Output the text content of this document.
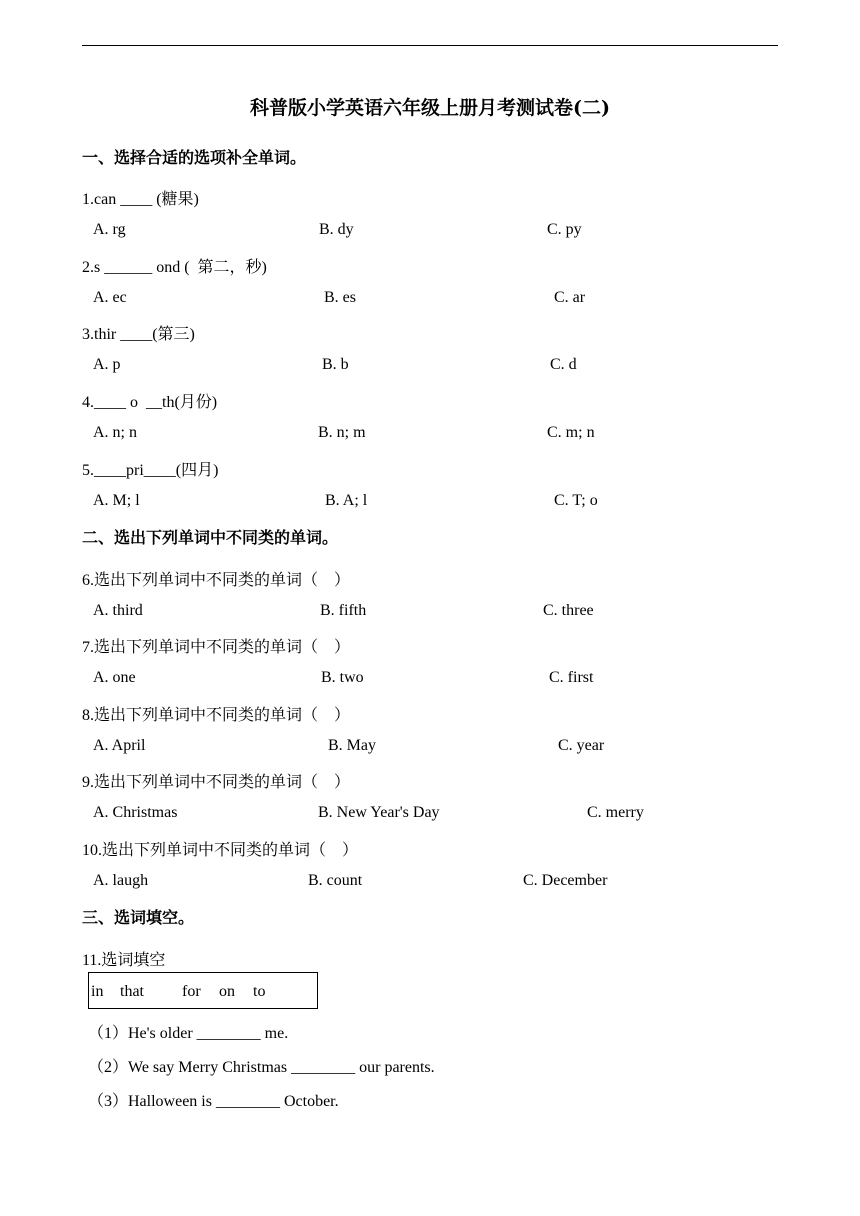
科普版小学英语六年级上册月考测试卷(二)
一、选择合适的选项补全单词。
1.can ____ (糖果)
A. rg	B. dy	C. py
2.s ______ ond (  第二，秒)
A. ec	B. es	C. ar
3.thir ____(第三)
A. p	B. b	C. d
4.____ o  __th(月份)
A. n; n	B. n; m	C. m; n
5.____pri____(四月)
A. M; l	B. A; l	C. T; o
二、选出下列单词中不同类的单词。
6.选出下列单词中不同类的单词（    ）
A. third	B. fifth	C. three
7.选出下列单词中不同类的单词（    ）
A. one	B. two	C. first
8.选出下列单词中不同类的单词（    ）
A. April	B. May	C. year
9.选出下列单词中不同类的单词（    ）
A. Christmas	B. New Year's Day	C. merry
10.选出下列单词中不同类的单词（    ）
A. laugh	B. count	C. December
三、选词填空。
11.选词填空
in that for on to
（1）He's older ________ me.
（2）We say Merry Christmas ________ our parents.
（3）Halloween is ________ October.
